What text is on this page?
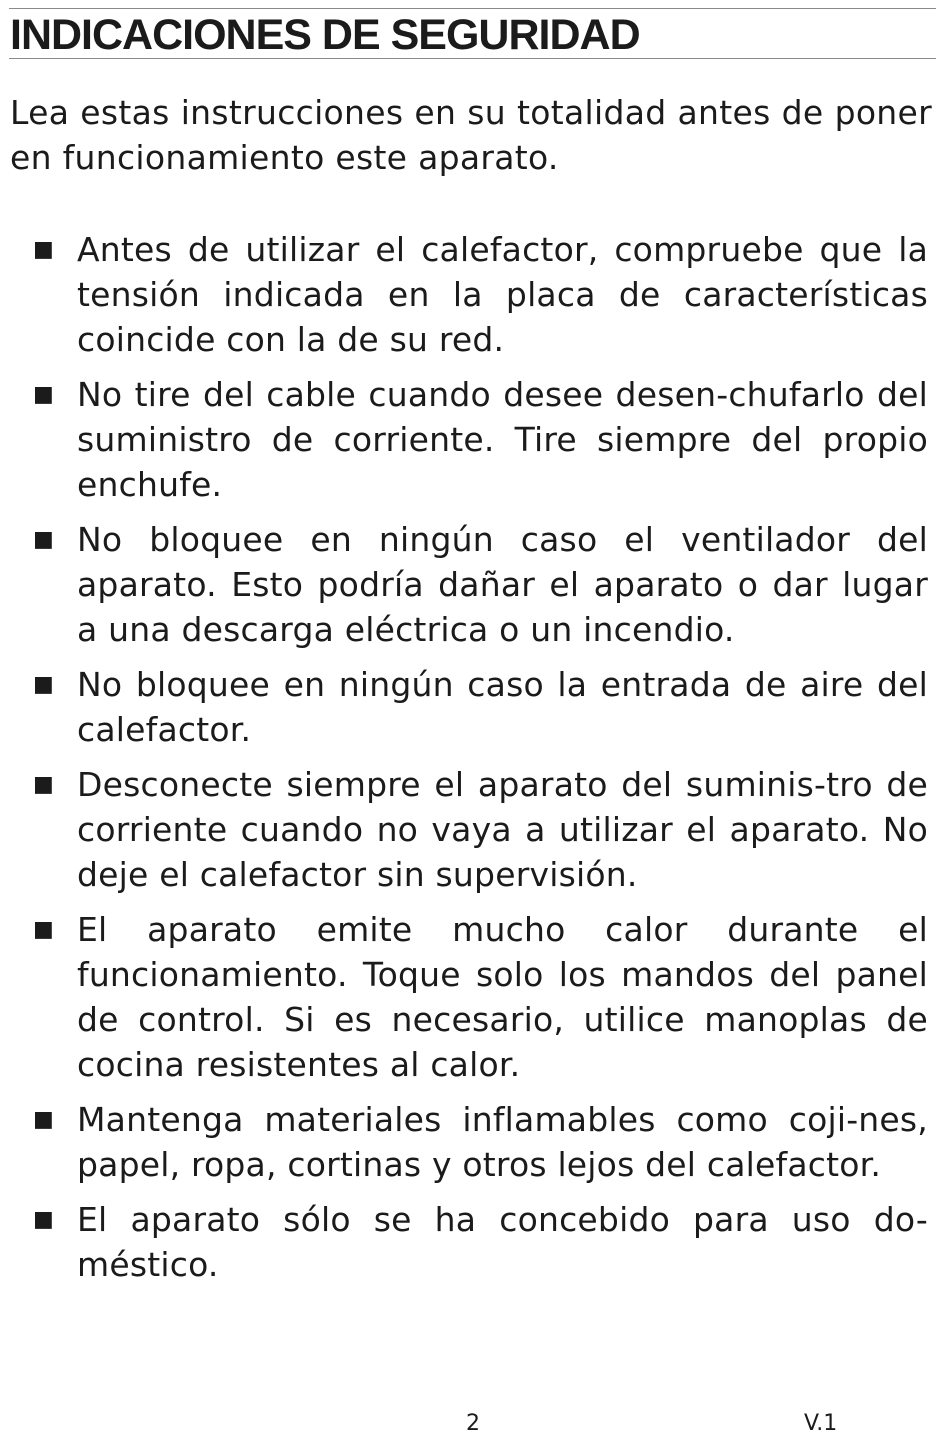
INDICACIONES DE SEGURIDAD

Lea estas instrucciones en su totalidad antes de poner en funcionamiento este aparato.

■ Antes de utilizar el calefactor, compruebe que la tensión indicada en la placa de características coincide con la de su red.
■ No tire del cable cuando desee desen-chufarlo del suministro de corriente. Tire siempre del propio enchufe.
■ No bloquee en ningún caso el ventilador del aparato. Esto podría dañar el aparato o dar lugar a una descarga eléctrica o un incendio.
■ No bloquee en ningún caso la entrada de aire del calefactor.
■ Desconecte siempre el aparato del suminis-tro de corriente cuando no vaya a utilizar el aparato. No deje el calefactor sin supervisión.
■ El aparato emite mucho calor durante el funcionamiento. Toque solo los mandos del panel de control. Si es necesario, utilice manoplas de cocina resistentes al calor.
■ Mantenga materiales inflamables como coji-nes, papel, ropa, cortinas y otros lejos del calefactor.
■ El aparato sólo se ha concebido para uso do-méstico.
2	V.1
